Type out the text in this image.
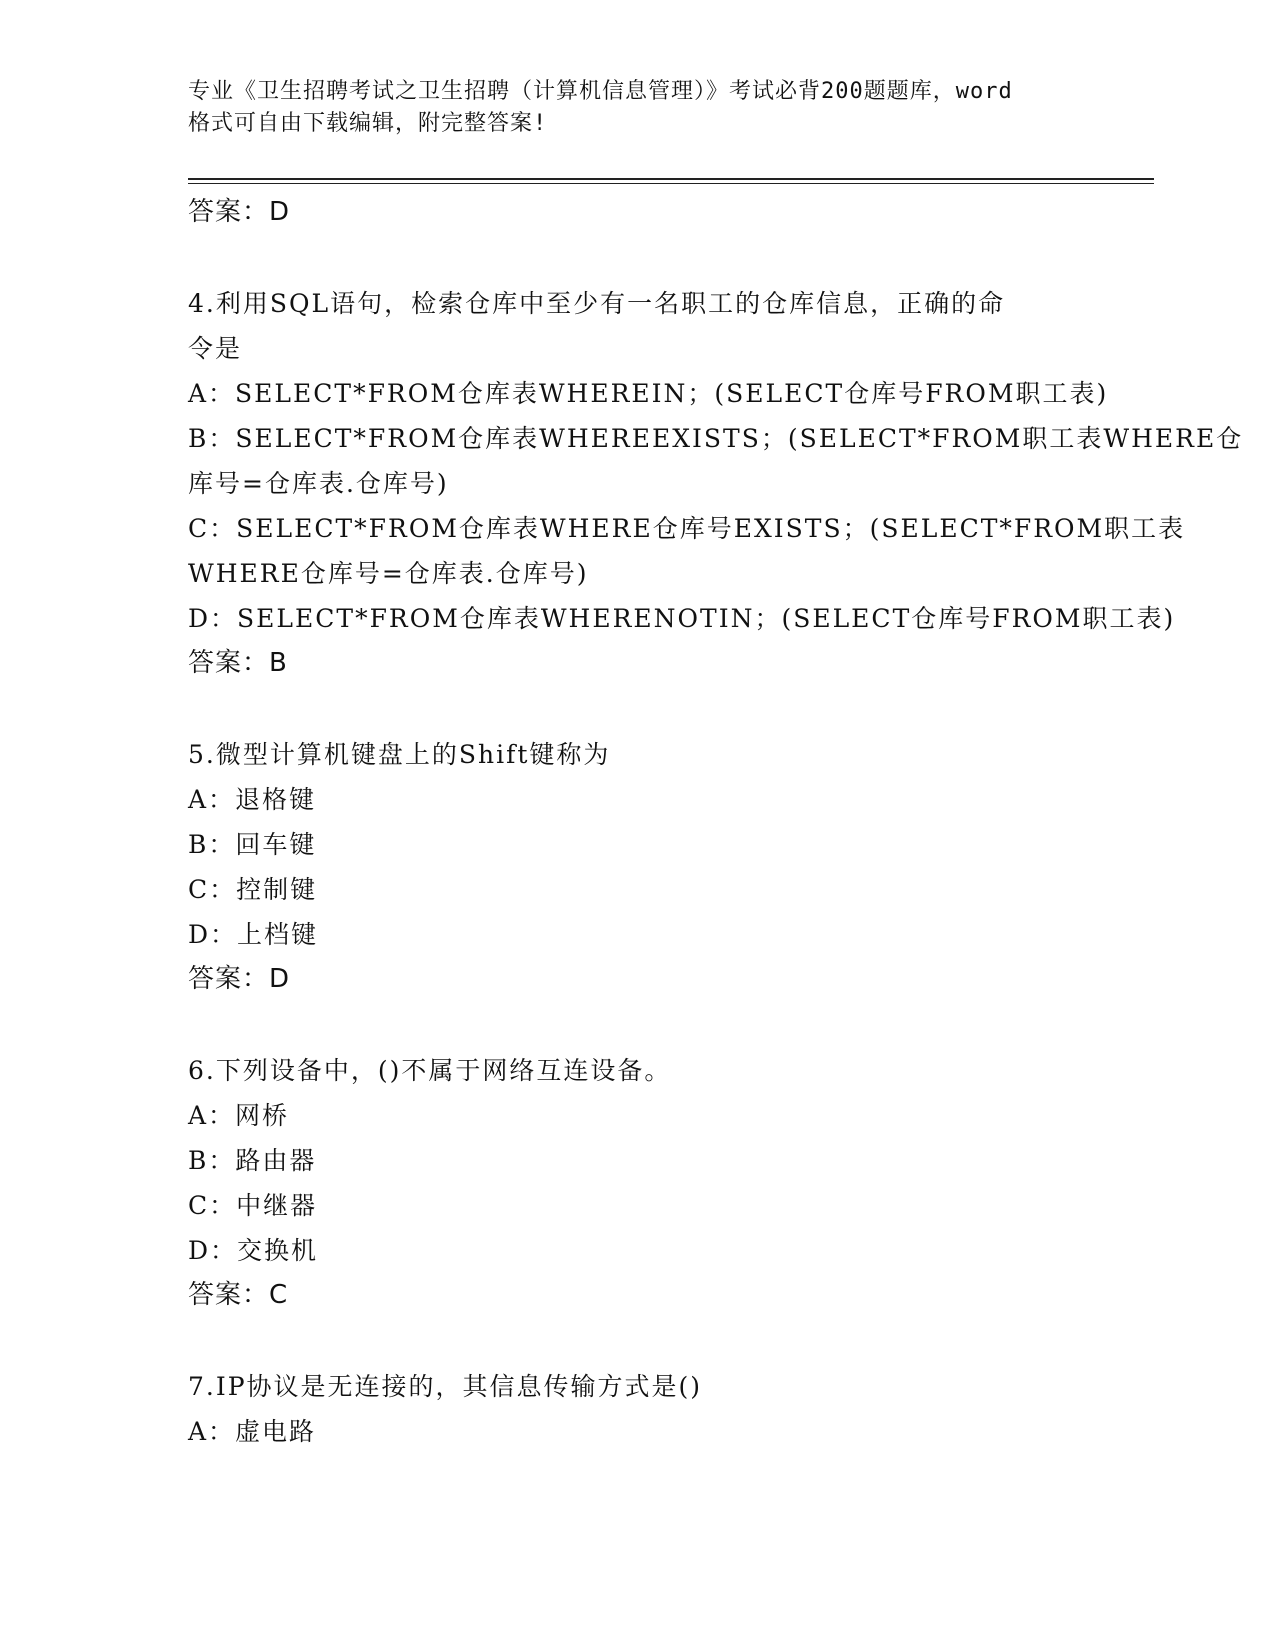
专业《卫生招聘考试之卫生招聘（计算机信息管理）》考试必背200题题库，word
格式可自由下载编辑，附完整答案!
答案：D
4.利用SQL语句，检索仓库中至少有一名职工的仓库信息，正确的命
令是
A：SELECT*FROM仓库表WHEREIN；(SELECT仓库号FROM职工表)
B：SELECT*FROM仓库表WHEREEXISTS；(SELECT*FROM职工表WHERE仓
库号=仓库表.仓库号)
C：SELECT*FROM仓库表WHERE仓库号EXISTS；(SELECT*FROM职工表
WHERE仓库号=仓库表.仓库号)
D：SELECT*FROM仓库表WHERENOTIN；(SELECT仓库号FROM职工表)
答案：B
5.微型计算机键盘上的Shift键称为
A：退格键
B：回车键
C：控制键
D：上档键
答案：D
6.下列设备中，()不属于网络互连设备。
A：网桥
B：路由器
C：中继器
D：交换机
答案：C
7.IP协议是无连接的，其信息传输方式是()
A：虚电路
